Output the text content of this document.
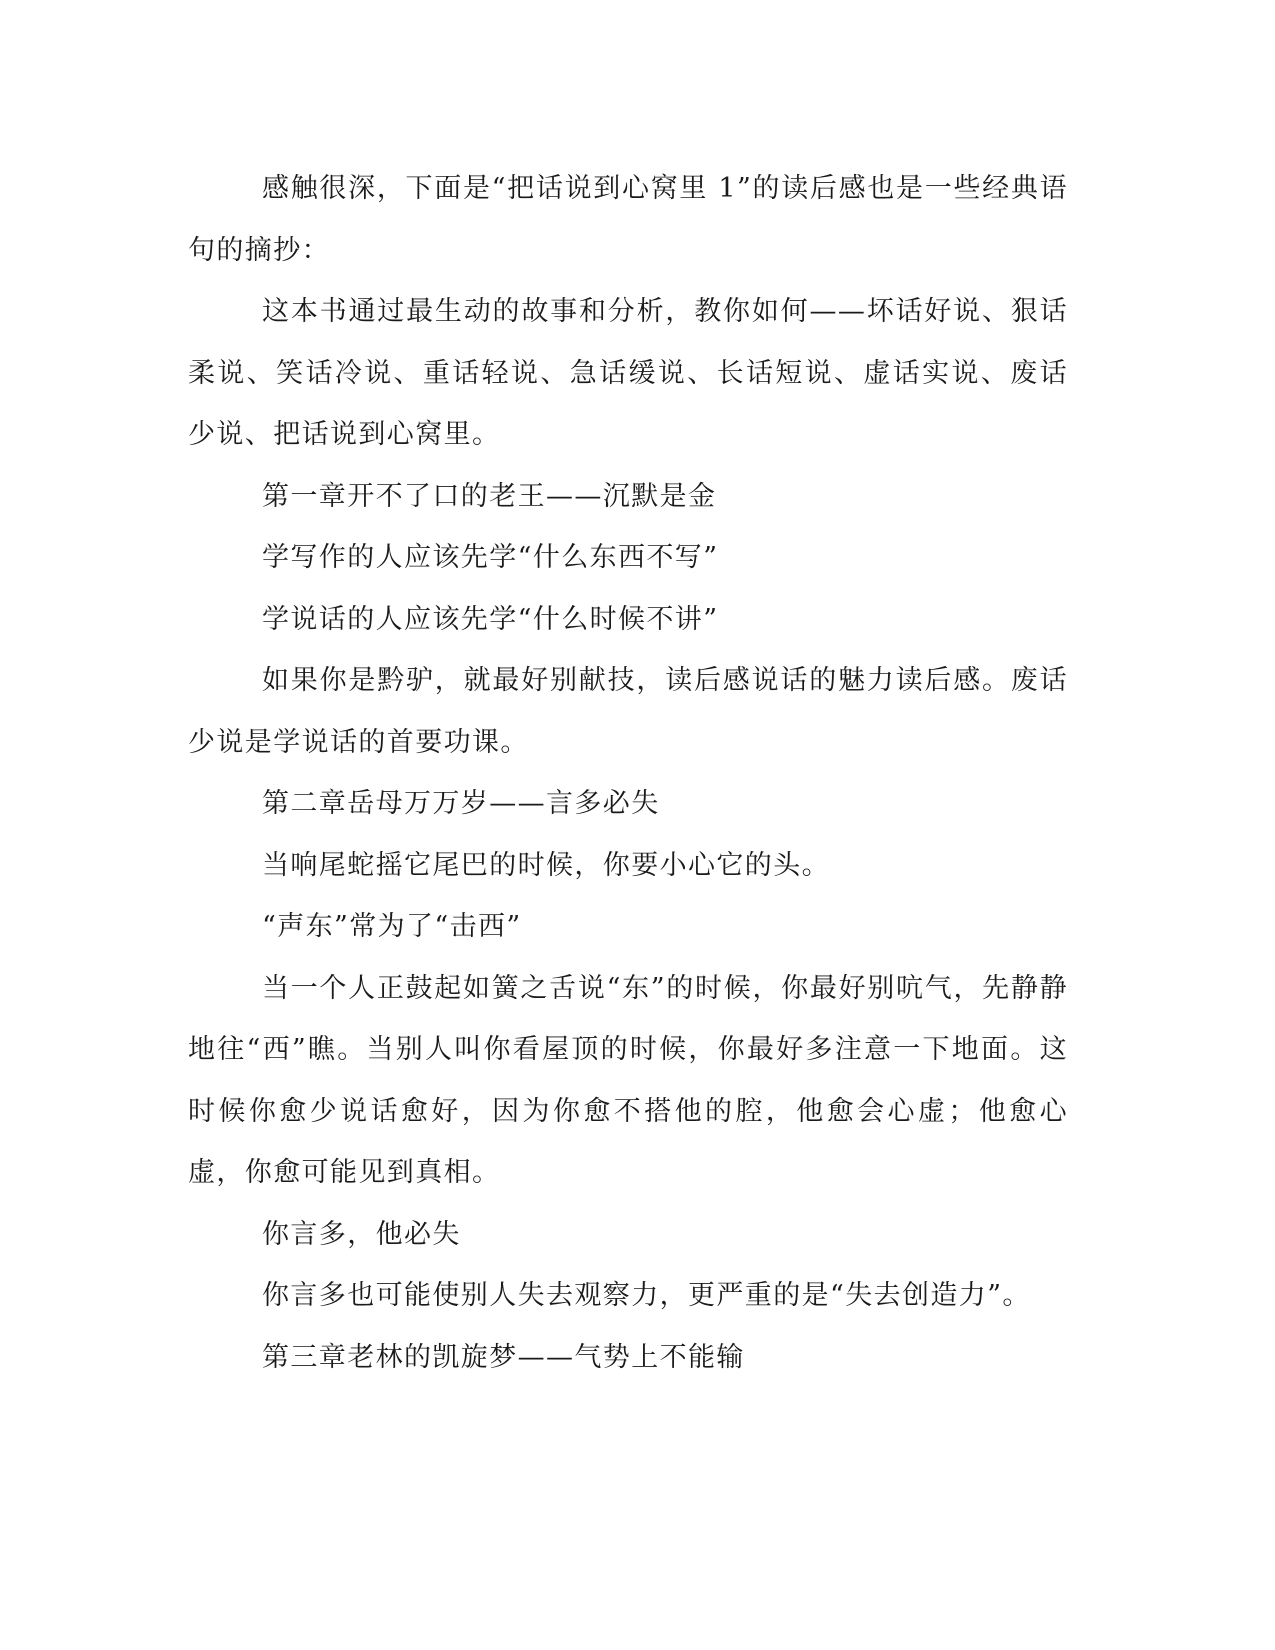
感触很深，下面是“把话说到心窝里 1”的读后感也是一些经典语句的摘抄：

这本书通过最生动的故事和分析，教你如何——坏话好说、狠话柔说、笑话冷说、重话轻说、急话缓说、长话短说、虚话实说、废话少说、把话说到心窝里。

第一章开不了口的老王——沉默是金

学写作的人应该先学“什么东西不写”

学说话的人应该先学“什么时候不讲”

如果你是黔驴，就最好别献技，读后感说话的魅力读后感。废话少说是学说话的首要功课。

第二章岳母万万岁——言多必失

当响尾蛇摇它尾巴的时候，你要小心它的头。

“声东”常为了“击西”

当一个人正鼓起如簧之舌说“东”的时候，你最好别吭气，先静静地往“西”瞧。当别人叫你看屋顶的时候，你最好多注意一下地面。这时候你愈少说话愈好，因为你愈不搭他的腔，他愈会心虚；他愈心虚，你愈可能见到真相。

你言多，他必失

你言多也可能使别人失去观察力，更严重的是“失去创造力”。

第三章老林的凯旋梦——气势上不能输
